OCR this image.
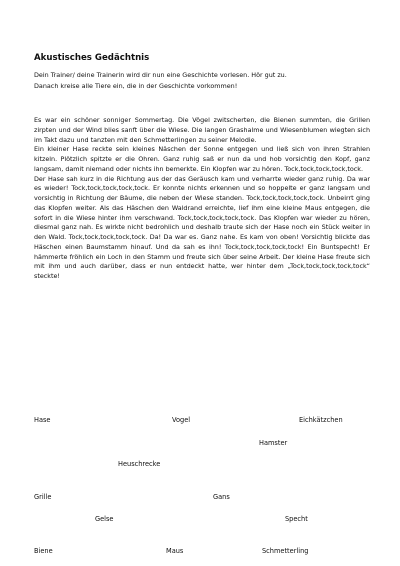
Akustisches Gedächtnis
Dein Trainer/ deine Trainerin wird dir nun eine Geschichte vorlesen. Hör gut zu.
Danach kreise alle Tiere ein, die in der Geschichte vorkommen!

Es war ein schöner sonniger Sommertag. Die Vögel zwitscherten, die Bienen summten, die Grillen zirpten und der Wind blies sanft über die Wiese. Die langen Grashalme und Wiesenblumen wiegten sich im Takt dazu und tanzten mit den Schmetterlingen zu seiner Melodie.

Ein kleiner Hase reckte sein kleines Näschen der Sonne entgegen und ließ sich von ihren Strahlen kitzeln. Plötzlich spitzte er die Ohren. Ganz ruhig saß er nun da und hob vorsichtig den Kopf, ganz langsam, damit niemand oder nichts ihn bemerkte. Ein Klopfen war zu hören. Tock,tock,tock,tock,tock.

Der Hase sah kurz in die Richtung aus der das Geräusch kam und verharrte wieder ganz ruhig. Da war es wieder! Tock,tock,tock,tock,tock. Er konnte nichts erkennen und so hoppelte er ganz langsam und vorsichtig in Richtung der Bäume, die neben der Wiese standen. Tock,tock,tock,tock,tock. Unbeirrt ging das Klopfen weiter. Als das Häschen den Waldrand erreichte, lief ihm eine kleine Maus entgegen, die sofort in die Wiese hinter ihm verschwand. Tock,tock,tock,tock,tock. Das Klopfen war wieder zu hören, diesmal ganz nah. Es wirkte nicht bedrohlich und deshalb traute sich der Hase noch ein Stück weiter in den Wald. Tock,tock,tock,tock,tock. Da! Da war es. Ganz nahe. Es kam von oben! Vorsichtig blickte das Häschen einen Baumstamm hinauf. Und da sah es ihn! Tock,tock,tock,tock,tock! Ein Buntspecht! Er hämmerte fröhlich ein Loch in den Stamm und freute sich über seine Arbeit. Der kleine Hase freute sich mit ihm und auch darüber, dass er nun entdeckt hatte, wer hinter dem „Tock,tock,tock,tock,tock“ steckte!

Hase	Vogel	Eichkätzchen
Hamster
Heuschrecke
Grille	Gans
Gelse	Specht
Biene	Maus	Schmetterling
